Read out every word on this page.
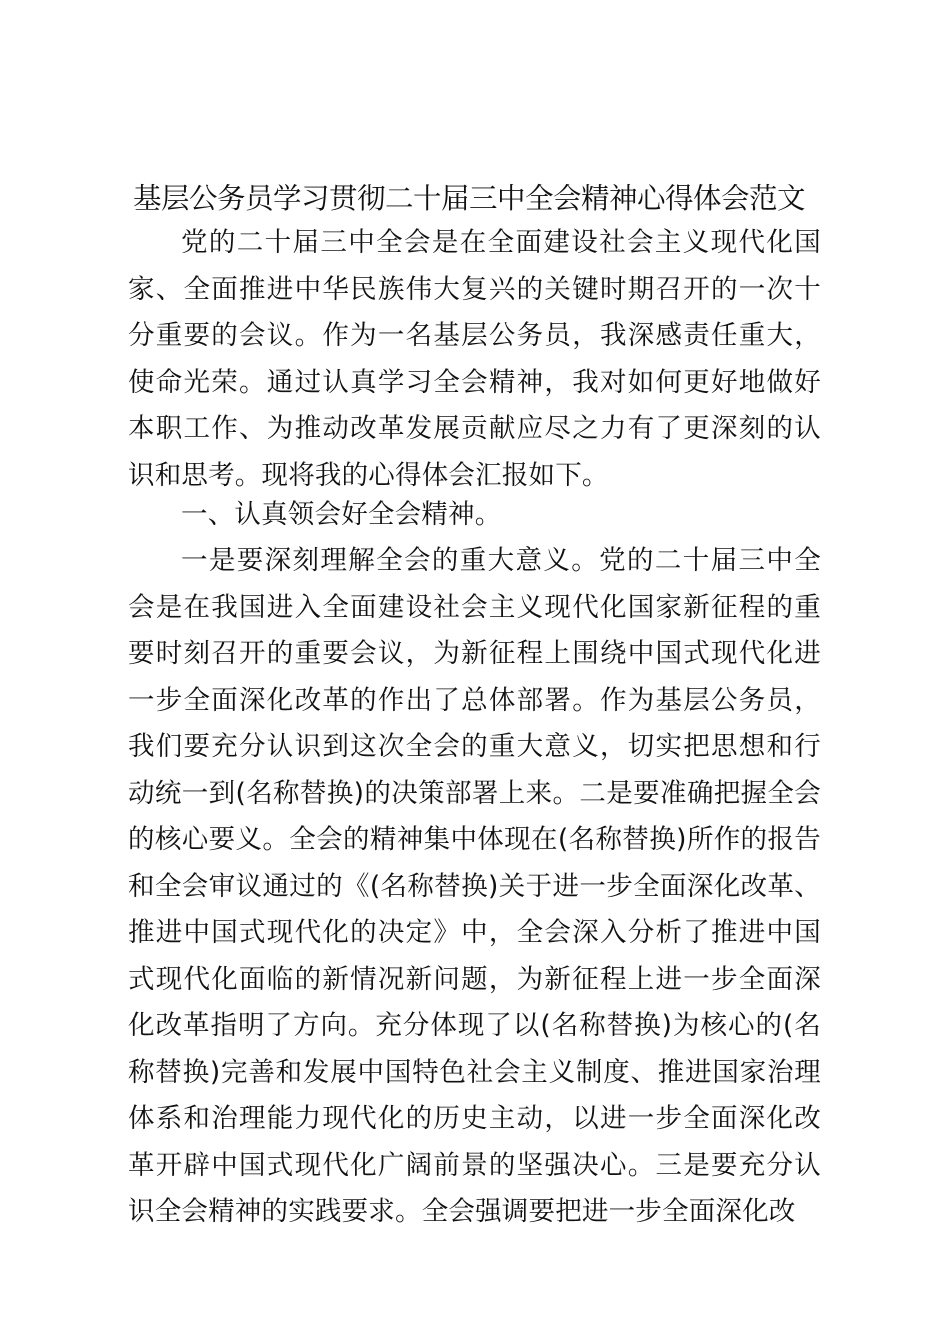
基层公务员学习贯彻二十届三中全会精神心得体会范文

党的二十届三中全会是在全面建设社会主义现代化国家、全面推进中华民族伟大复兴的关键时期召开的一次十分重要的会议。作为一名基层公务员，我深感责任重大，使命光荣。通过认真学习全会精神，我对如何更好地做好本职工作、为推动改革发展贡献应尽之力有了更深刻的认识和思考。现将我的心得体会汇报如下。

一、认真领会好全会精神。

一是要深刻理解全会的重大意义。党的二十届三中全会是在我国进入全面建设社会主义现代化国家新征程的重要时刻召开的重要会议，为新征程上围绕中国式现代化进一步全面深化改革的作出了总体部署。作为基层公务员，我们要充分认识到这次全会的重大意义，切实把思想和行动统一到(名称替换)的决策部署上来。二是要准确把握全会的核心要义。全会的精神集中体现在(名称替换)所作的报告和全会审议通过的《(名称替换)关于进一步全面深化改革、推进中国式现代化的决定》中，全会深入分析了推进中国式现代化面临的新情况新问题，为新征程上进一步全面深化改革指明了方向。充分体现了以(名称替换)为核心的(名称替换)完善和发展中国特色社会主义制度、推进国家治理体系和治理能力现代化的历史主动，以进一步全面深化改革开辟中国式现代化广阔前景的坚强决心。三是要充分认识全会精神的实践要求。全会强调要把进一步全面深化改
